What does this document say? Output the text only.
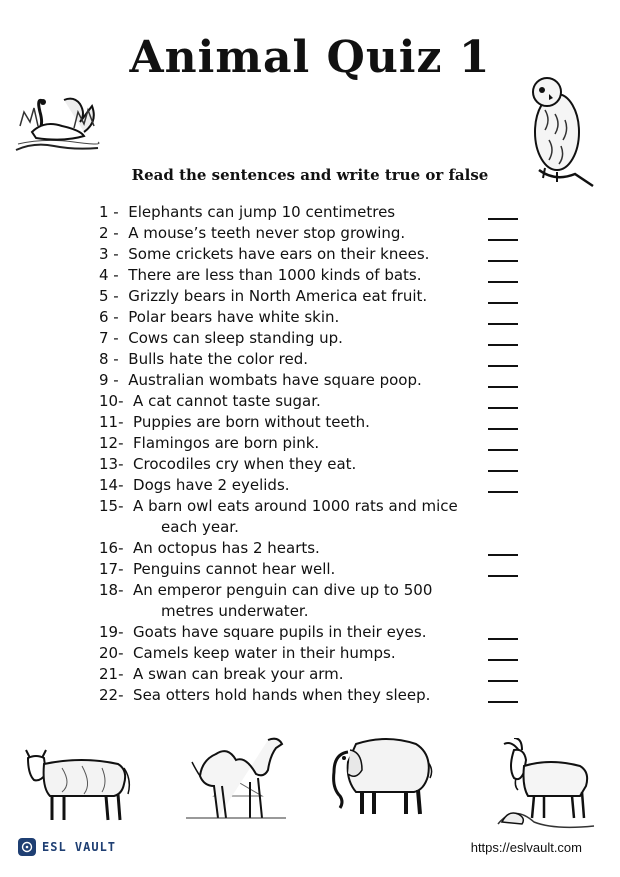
Animal Quiz 1
Read the sentences and write true or false
1 -
Elephants can jump 10 centimetres
2 -
A mouse’s teeth never stop growing.
3 -
Some crickets have ears on their knees.
4 -
There are less than 1000 kinds of bats.
5 -
Grizzly bears in North America eat fruit.
6 -
Polar bears have white skin.
7 -
Cows can sleep standing up.
8 -
Bulls hate the color red.
9 -
Australian wombats have square poop.
10-
A cat cannot taste sugar.
11-
Puppies are born without teeth.
12-
Flamingos are born pink.
13-
Crocodiles cry when they eat.
14-
Dogs have 2 eyelids.
15-
A barn owl eats around 1000 rats and mice
each year.
16-
An octopus has 2 hearts.
17-
Penguins cannot hear well.
18-
An emperor penguin can dive up to 500
metres underwater.
19-
Goats have square pupils in their eyes.
20-
Camels keep water in their humps.
21-
A swan can break your arm.
22-
Sea otters hold hands when they sleep.
ESL VAULT	https://eslvault.com
